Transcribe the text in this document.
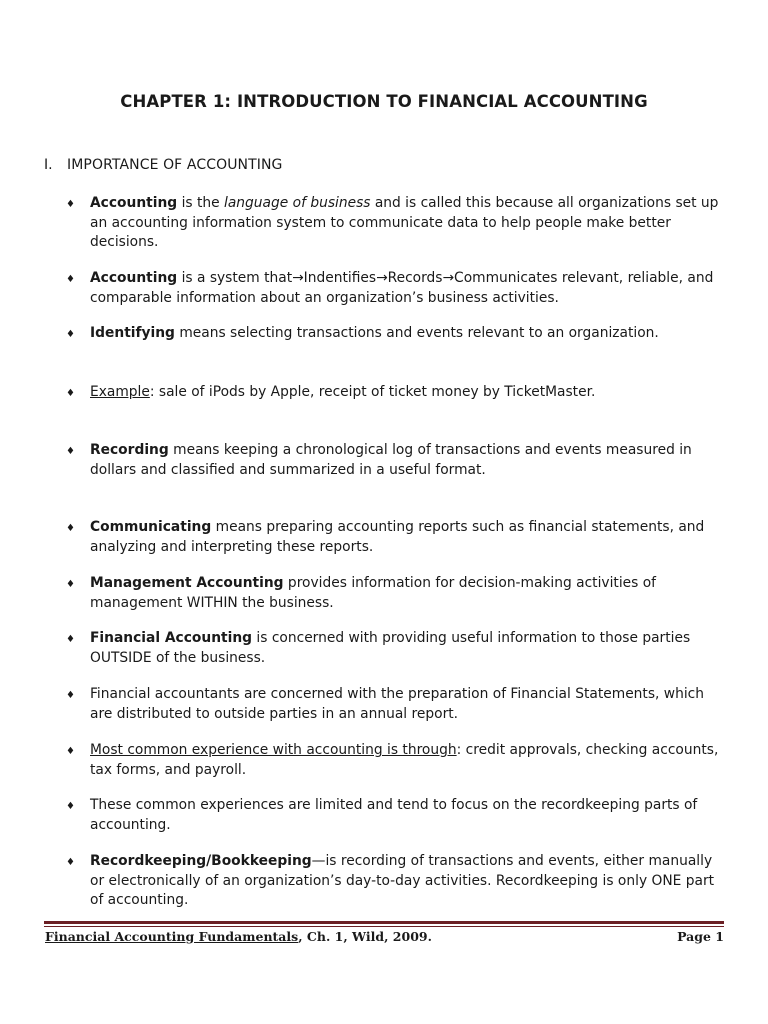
CHAPTER 1: INTRODUCTION TO FINANCIAL ACCOUNTING
I. IMPORTANCE OF ACCOUNTING
♦ Accounting is the language of business and is called this because all organizations set up an accounting information system to communicate data to help people make better decisions.
♦ Accounting is a system that→Indentifies→Records→Communicates relevant, reliable, and comparable information about an organization’s business activities.
♦ Identifying means selecting transactions and events relevant to an organization.
♦ Example: sale of iPods by Apple, receipt of ticket money by TicketMaster.
♦ Recording means keeping a chronological log of transactions and events measured in dollars and classified and summarized in a useful format.
♦ Communicating means preparing accounting reports such as financial statements, and analyzing and interpreting these reports.
♦ Management Accounting provides information for decision-making activities of management WITHIN the business.
♦ Financial Accounting is concerned with providing useful information to those parties OUTSIDE of the business.
♦ Financial accountants are concerned with the preparation of Financial Statements, which are distributed to outside parties in an annual report.
♦ Most common experience with accounting is through: credit approvals, checking accounts, tax forms, and payroll.
♦ These common experiences are limited and tend to focus on the recordkeeping parts of accounting.
♦ Recordkeeping/Bookkeeping—is recording of transactions and events, either manually or electronically of an organization’s day-to-day activities. Recordkeeping is only ONE part of accounting.
Financial Accounting Fundamentals, Ch. 1, Wild, 2009.	Page 1
